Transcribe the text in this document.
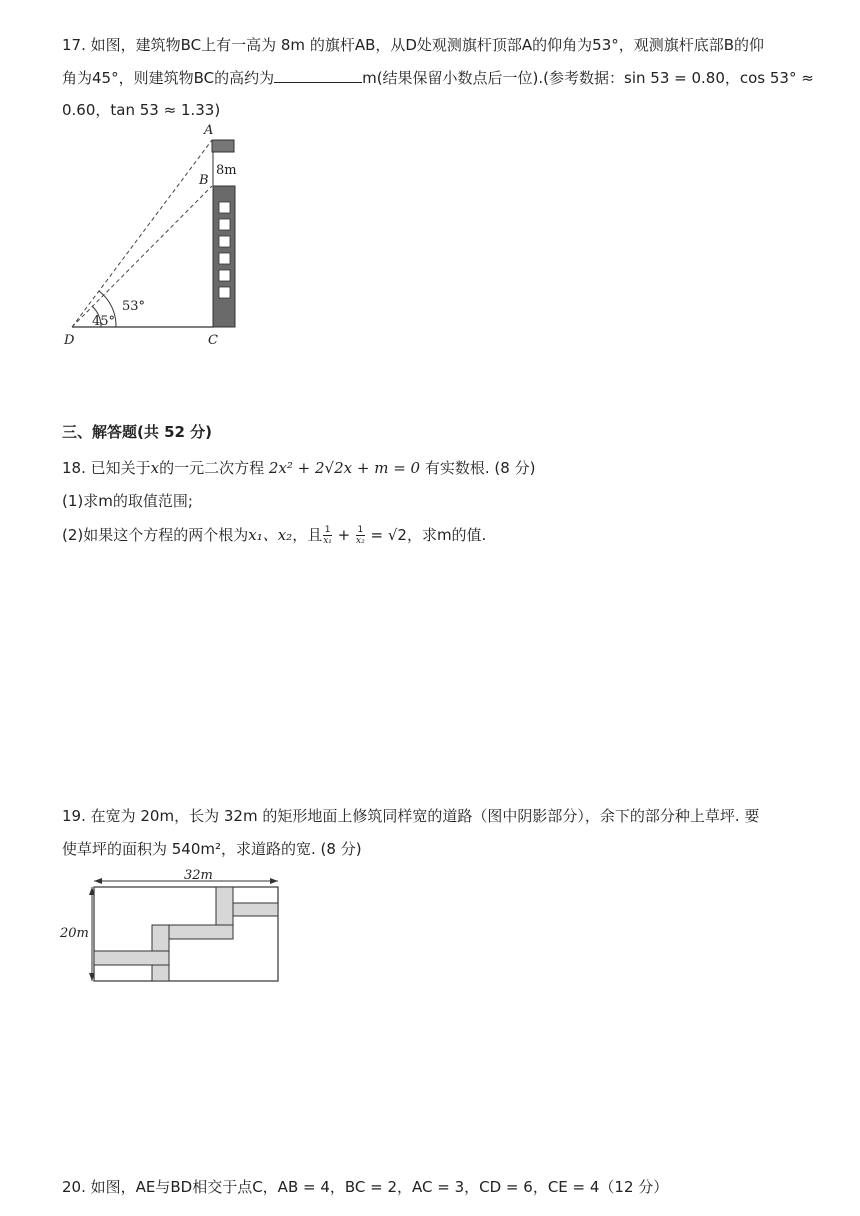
17. 如图，建筑物BC上有一高为 8m 的旗杆AB，从D处观测旗杆顶部A的仰角为53°，观测旗杆底部B的仰
角为45°，则建筑物BC的高约为	m(结果保留小数点后一位).(参考数据：sin 53 = 0.80，cos 53° ≈
0.60，tan 53 ≈ 1.33)
A
B
C
D
8m
53°
45°
三、解答题(共 52 分)
18. 已知关于x的一元二次方程 2x² + 2√2x + m = 0 有实数根. (8 分)
(1)求m的取值范围;
(2)如果这个方程的两个根为x₁、x₂，且 $\frac{1}{\text{x₁}} + \frac{1}{\text{x₂}} = √2$，求m的值.
19. 在宽为 20m，长为 32m 的矩形地面上修筑同样宽的道路（图中阴影部分），余下的部分种上草坪. 要
使草坪的面积为 540m²，求道路的宽. (8 分)
32m
20m
20. 如图，AE与BD相交于点C，AB = 4，BC = 2，AC = 3，CD = 6，CE = 4（12 分）
